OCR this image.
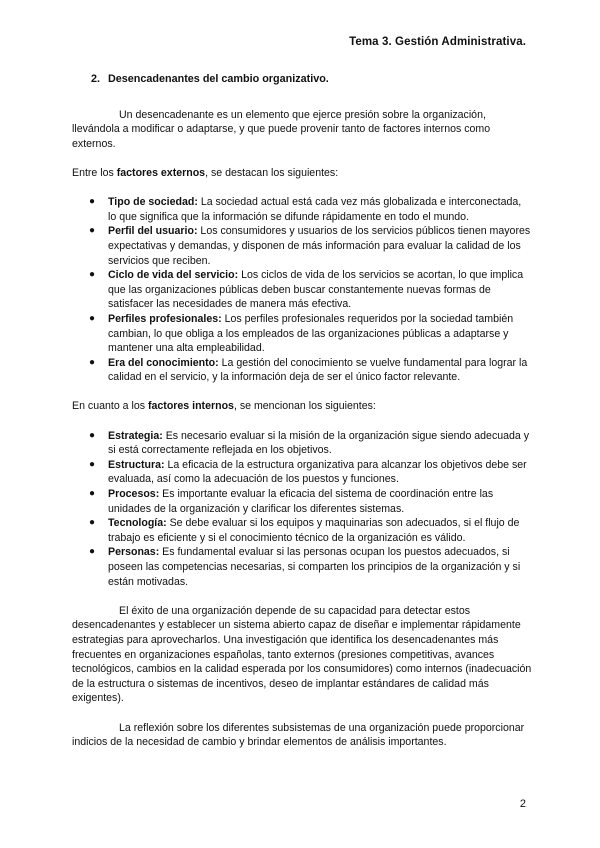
Tema 3. Gestión Administrativa.
2. Desencadenantes del cambio organizativo.

Un desencadenante es un elemento que ejerce presión sobre la organización, llevándola a modificar o adaptarse, y que puede provenir tanto de factores internos como externos.

Entre los factores externos, se destacan los siguientes:

● Tipo de sociedad: La sociedad actual está cada vez más globalizada e interconectada, lo que significa que la información se difunde rápidamente en todo el mundo.
● Perfil del usuario: Los consumidores y usuarios de los servicios públicos tienen mayores expectativas y demandas, y disponen de más información para evaluar la calidad de los servicios que reciben.
● Ciclo de vida del servicio: Los ciclos de vida de los servicios se acortan, lo que implica que las organizaciones públicas deben buscar constantemente nuevas formas de satisfacer las necesidades de manera más efectiva.
● Perfiles profesionales: Los perfiles profesionales requeridos por la sociedad también cambian, lo que obliga a los empleados de las organizaciones públicas a adaptarse y mantener una alta empleabilidad.
● Era del conocimiento: La gestión del conocimiento se vuelve fundamental para lograr la calidad en el servicio, y la información deja de ser el único factor relevante.

En cuanto a los factores internos, se mencionan los siguientes:

● Estrategia: Es necesario evaluar si la misión de la organización sigue siendo adecuada y si está correctamente reflejada en los objetivos.
● Estructura: La eficacia de la estructura organizativa para alcanzar los objetivos debe ser evaluada, así como la adecuación de los puestos y funciones.
● Procesos: Es importante evaluar la eficacia del sistema de coordinación entre las unidades de la organización y clarificar los diferentes sistemas.
● Tecnología: Se debe evaluar si los equipos y maquinarias son adecuados, si el flujo de trabajo es eficiente y si el conocimiento técnico de la organización es válido.
● Personas: Es fundamental evaluar si las personas ocupan los puestos adecuados, si poseen las competencias necesarias, si comparten los principios de la organización y si están motivadas.

El éxito de una organización depende de su capacidad para detectar estos desencadenantes y establecer un sistema abierto capaz de diseñar e implementar rápidamente estrategias para aprovecharlos. Una investigación que identifica los desencadenantes más frecuentes en organizaciones españolas, tanto externos (presiones competitivas, avances tecnológicos, cambios en la calidad esperada por los consumidores) como internos (inadecuación de la estructura o sistemas de incentivos, deseo de implantar estándares de calidad más exigentes).

La reflexión sobre los diferentes subsistemas de una organización puede proporcionar indicios de la necesidad de cambio y brindar elementos de análisis importantes.

2
